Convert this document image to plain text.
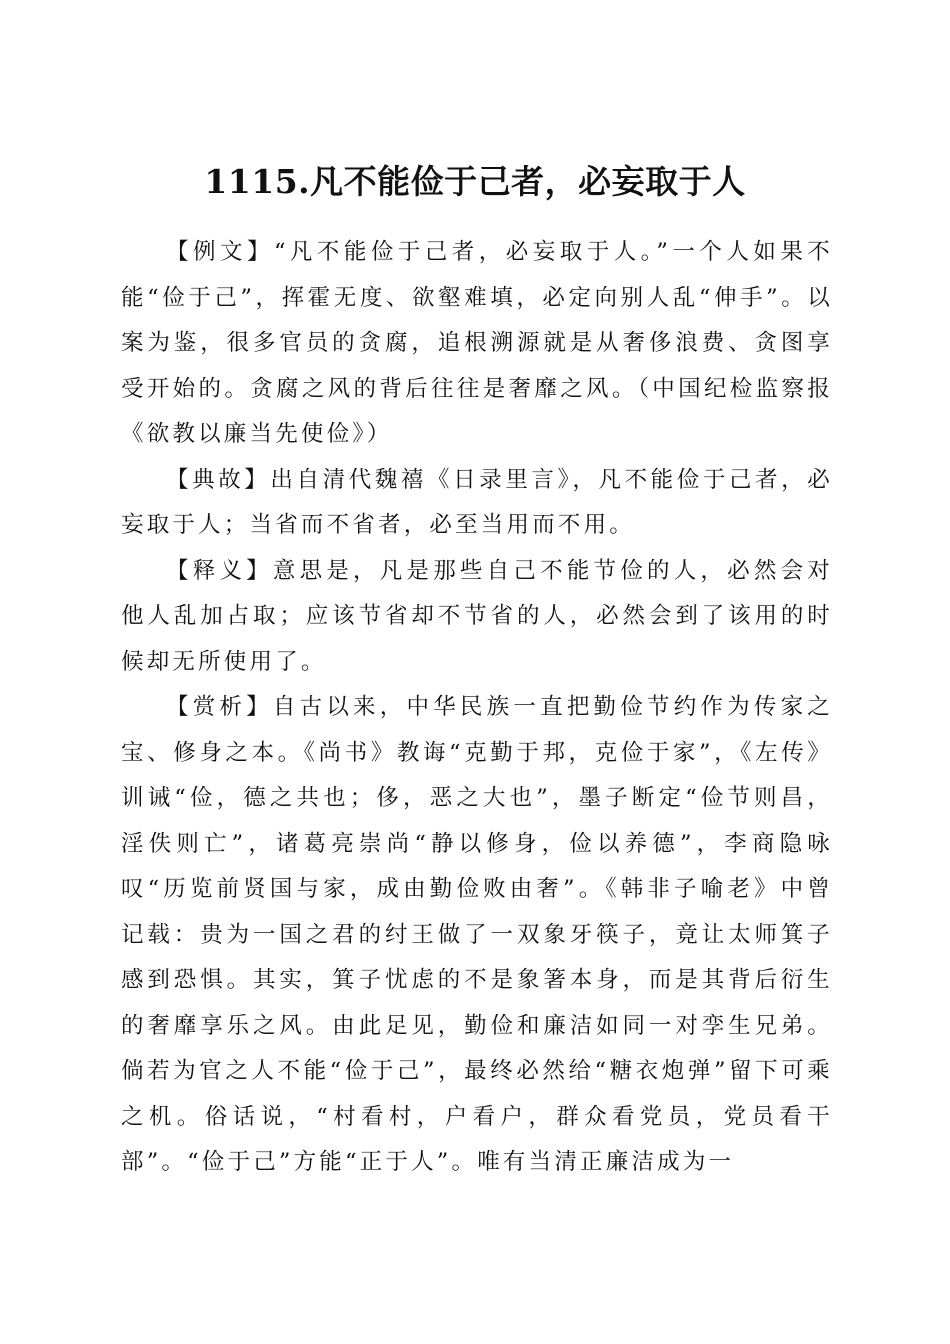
1115.凡不能俭于己者，必妄取于人

【例文】“凡不能俭于己者，必妄取于人。”一个人如果不能“俭于己”，挥霍无度、欲壑难填，必定向别人乱“伸手”。以案为鉴，很多官员的贪腐，追根溯源就是从奢侈浪费、贪图享受开始的。贪腐之风的背后往往是奢靡之风。（中国纪检监察报《欲教以廉当先使俭》）

【典故】出自清代魏禧《日录里言》，凡不能俭于己者，必妄取于人；当省而不省者，必至当用而不用。

【释义】意思是，凡是那些自己不能节俭的人，必然会对他人乱加占取；应该节省却不节省的人，必然会到了该用的时候却无所使用了。

【赏析】自古以来，中华民族一直把勤俭节约作为传家之宝、修身之本。《尚书》教诲“克勤于邦，克俭于家”，《左传》训诫“俭，德之共也；侈，恶之大也”，墨子断定“俭节则昌，淫佚则亡”，诸葛亮崇尚“静以修身，俭以养德”，李商隐咏叹“历览前贤国与家，成由勤俭败由奢”。《韩非子喻老》中曾记载：贵为一国之君的纣王做了一双象牙筷子，竟让太师箕子感到恐惧。其实，箕子忧虑的不是象箸本身，而是其背后衍生的奢靡享乐之风。由此足见，勤俭和廉洁如同一对孪生兄弟。倘若为官之人不能“俭于己”，最终必然给“糖衣炮弹”留下可乘之机。俗话说，“村看村，户看户，群众看党员，党员看干部”。“俭于己”方能“正于人”。唯有当清正廉洁成为一
